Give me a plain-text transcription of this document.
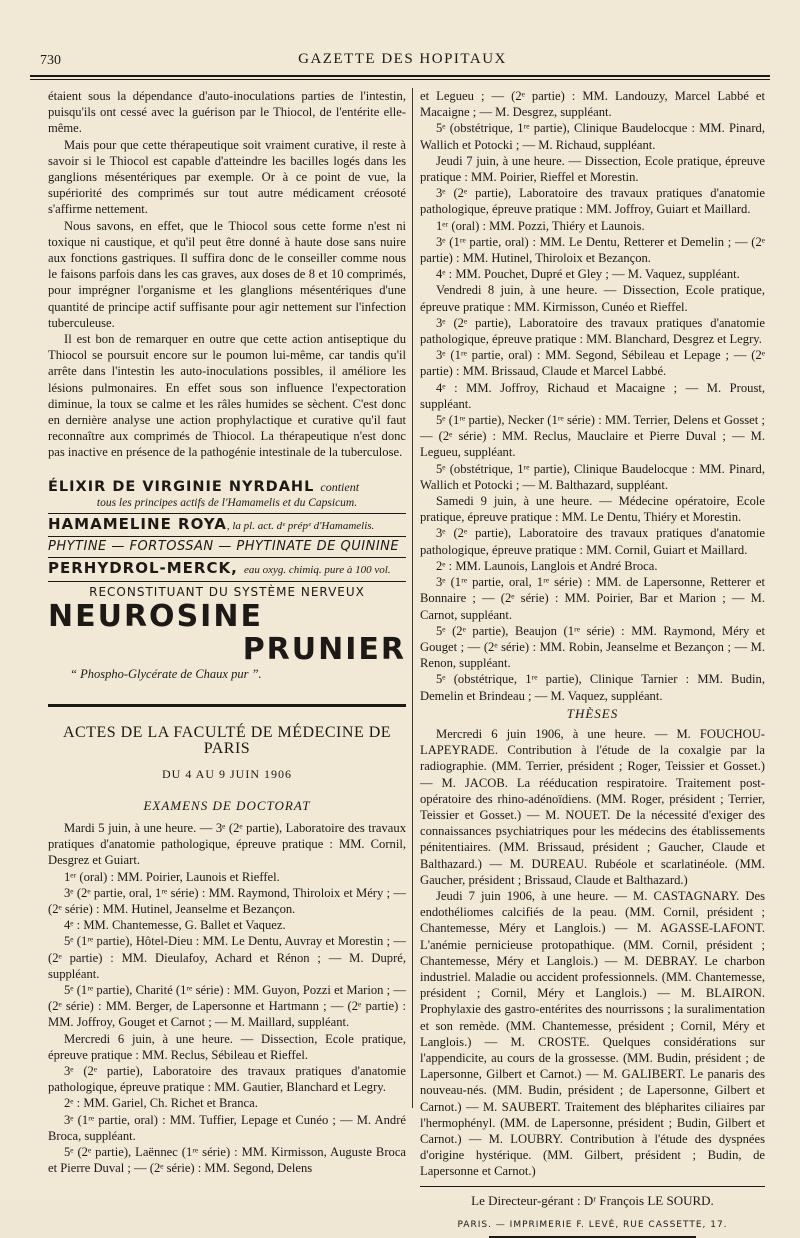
730	GAZETTE DES HOPITAUX

étaient sous la dépendance d'auto-inoculations parties de l'intestin, puisqu'ils ont cessé avec la guérison par le Thiocol, de l'entérite elle-même.

Mais pour que cette thérapeutique soit vraiment curative, il reste à savoir si le Thiocol est capable d'atteindre les bacilles logés dans les ganglions mésentériques par exemple. Or à ce point de vue, la supériorité des comprimés sur tout autre médicament créosoté s'affirme nettement.

Nous savons, en effet, que le Thiocol sous cette forme n'est ni toxique ni caustique, et qu'il peut être donné à haute dose sans nuire aux fonctions gastriques. Il suffira donc de le conseiller comme nous le faisons parfois dans les cas graves, aux doses de 8 et 10 comprimés, pour imprégner l'organisme et les glanglions mésentériques d'une quantité de principe actif suffisante pour agir nettement sur l'infection tuberculeuse.

Il est bon de remarquer en outre que cette action antiseptique du Thiocol se poursuit encore sur le poumon lui-même, car tandis qu'il arrête dans l'intestin les auto-inoculations possibles, il améliore les lésions pulmonaires. En effet sous son influence l'expectoration diminue, la toux se calme et les râles humides se sèchent. C'est donc en dernière analyse une action prophylactique et curative qu'il faut reconnaître aux comprimés de Thiocol. La thérapeutique n'est donc pas inactive en présence de la pathogénie intestinale de la tuberculose.

ÉLIXIR DE VIRGINIE NYRDAHL contient
tous les principes actifs de l'Hamamelis et du Capsicum.
HAMAMELINE ROYA, la pl. act. dᵉ prépᵉ d'Hamamelis.
PHYTINE — FORTOSSAN — PHYTINATE DE QUININE
PERHYDROL-MERCK, eau oxyg. chimiq. pure à 100 vol.
RECONSTITUANT DU SYSTÈME NERVEUX
NEUROSINE
PRUNIER
“ Phospho-Glycérate de Chaux pur ”.
ACTES DE LA FACULTÉ DE MÉDECINE DE PARIS
DU 4 AU 9 JUIN 1906
EXAMENS DE DOCTORAT

Mardi 5 juin, à une heure. — 3ᵉ (2ᵉ partie), Laboratoire des travaux pratiques d'anatomie pathologique, épreuve pratique : MM. Cornil, Desgrez et Guiart.

1ᵉʳ (oral) : MM. Poirier, Launois et Rieffel.

3ᵉ (2ᵉ partie, oral, 1ʳᵉ série) : MM. Raymond, Thiroloix et Méry ; — (2ᵉ série) : MM. Hutinel, Jeanselme et Bezançon.

4ᵉ : MM. Chantemesse, G. Ballet et Vaquez.

5ᵉ (1ʳᵉ partie), Hôtel-Dieu : MM. Le Dentu, Auvray et Morestin ; — (2ᵉ partie) : MM. Dieulafoy, Achard et Rénon ; — M. Dupré, suppléant.

5ᵉ (1ʳᵉ partie), Charité (1ʳᵉ série) : MM. Guyon, Pozzi et Marion ; — (2ᵉ série) : MM. Berger, de Lapersonne et Hartmann ; — (2ᵉ partie) : MM. Joffroy, Gouget et Carnot ; — M. Maillard, suppléant.

Mercredi 6 juin, à une heure. — Dissection, Ecole pratique, épreuve pratique : MM. Reclus, Sébileau et Rieffel.

3ᵉ (2ᵉ partie), Laboratoire des travaux pratiques d'anatomie pathologique, épreuve pratique : MM. Gautier, Blanchard et Legry.

2ᵉ : MM. Gariel, Ch. Richet et Branca.

3ᵉ (1ʳᵉ partie, oral) : MM. Tuffier, Lepage et Cunéo ; — M. André Broca, suppléant.

5ᵉ (2ᵉ partie), Laënnec (1ʳᵉ série) : MM. Kirmisson, Auguste Broca et Pierre Duval ; — (2ᵉ série) : MM. Segond, Delens

et Legueu ; — (2ᵉ partie) : MM. Landouzy, Marcel Labbé et Macaigne ; — M. Desgrez, suppléant.

5ᵉ (obstétrique, 1ʳᵉ partie), Clinique Baudelocque : MM. Pinard, Wallich et Potocki ; — M. Richaud, suppléant.

Jeudi 7 juin, à une heure. — Dissection, Ecole pratique, épreuve pratique : MM. Poirier, Rieffel et Morestin.

3ᵉ (2ᵉ partie), Laboratoire des travaux pratiques d'anatomie pathologique, épreuve pratique : MM. Joffroy, Guiart et Maillard.

1ᵉʳ (oral) : MM. Pozzi, Thiéry et Launois.

3ᵉ (1ʳᵉ partie, oral) : MM. Le Dentu, Retterer et Demelin ; — (2ᵉ partie) : MM. Hutinel, Thiroloix et Bezançon.

4ᵉ : MM. Pouchet, Dupré et Gley ; — M. Vaquez, suppléant.

Vendredi 8 juin, à une heure. — Dissection, Ecole pratique, épreuve pratique : MM. Kirmisson, Cunéo et Rieffel.

3ᵉ (2ᵉ partie), Laboratoire des travaux pratiques d'anatomie pathologique, épreuve pratique : MM. Blanchard, Desgrez et Legry.

3ᵉ (1ʳᵉ partie, oral) : MM. Segond, Sébileau et Lepage ; — (2ᵉ partie) : MM. Brissaud, Claude et Marcel Labbé.

4ᵉ : MM. Joffroy, Richaud et Macaigne ; — M. Proust, suppléant.

5ᵉ (1ʳᵉ partie), Necker (1ʳᵉ série) : MM. Terrier, Delens et Gosset ; — (2ᵉ série) : MM. Reclus, Mauclaire et Pierre Duval ; — M. Legueu, suppléant.

5ᵉ (obstétrique, 1ʳᵉ partie), Clinique Baudelocque : MM. Pinard, Wallich et Potocki ; — M. Balthazard, suppléant.

Samedi 9 juin, à une heure. — Médecine opératoire, Ecole pratique, épreuve pratique : MM. Le Dentu, Thiéry et Morestin.

3ᵉ (2ᵉ partie), Laboratoire des travaux pratiques d'anatomie pathologique, épreuve pratique : MM. Cornil, Guiart et Maillard.

2ᵉ : MM. Launois, Langlois et André Broca.

3ᵉ (1ʳᵉ partie, oral, 1ʳᵉ série) : MM. de Lapersonne, Retterer et Bonnaire ; — (2ᵉ série) : MM. Poirier, Bar et Marion ; — M. Carnot, suppléant.

5ᵉ (2ᵉ partie), Beaujon (1ʳᵉ série) : MM. Raymond, Méry et Gouget ; — (2ᵉ série) : MM. Robin, Jeanselme et Bezançon ; — M. Renon, suppléant.

5ᵉ (obstétrique, 1ʳᵉ partie), Clinique Tarnier : MM. Budin, Demelin et Brindeau ; — M. Vaquez, suppléant.

THÈSES

Mercredi 6 juin 1906, à une heure. — M. FOUCHOU-LAPEYRADE. Contribution à l'étude de la coxalgie par la radiographie. (MM. Terrier, président ; Roger, Teissier et Gosset.) — M. JACOB. La rééducation respiratoire. Traitement post-opératoire des rhino-adénoïdiens. (MM. Roger, président ; Terrier, Teissier et Gosset.) — M. NOUET. De la nécessité d'exiger des connaissances psychiatriques pour les médecins des établissements pénitentiaires. (MM. Brissaud, président ; Gaucher, Claude et Balthazard.) — M. DUREAU. Rubéole et scarlatinéole. (MM. Gaucher, président ; Brissaud, Claude et Balthazard.)

Jeudi 7 juin 1906, à une heure. — M. CASTAGNARY. Des endothéliomes calcifiés de la peau. (MM. Cornil, président ; Chantemesse, Méry et Langlois.) — M. AGASSE-LAFONT. L'anémie pernicieuse protopathique. (MM. Cornil, président ; Chantemesse, Méry et Langlois.) — M. DEBRAY. Le charbon industriel. Maladie ou accident professionnels. (MM. Chantemesse, président ; Cornil, Méry et Langlois.) — M. BLAIRON. Prophylaxie des gastro-entérites des nourrissons ; la suralimentation et son remède. (MM. Chantemesse, président ; Cornil, Méry et Langlois.) — M. CROSTE. Quelques considérations sur l'appendicite, au cours de la grossesse. (MM. Budin, président ; de Lapersonne, Gilbert et Carnot.) — M. GALIBERT. Le panaris des nouveau-nés. (MM. Budin, président ; de Lapersonne, Gilbert et Carnot.) — M. SAUBERT. Traitement des blépharites ciliaires par l'hermophényl. (MM. de Lapersonne, président ; Budin, Gilbert et Carnot.) — M. LOUBRY. Contribution à l'étude des dyspnées d'origine hystérique. (MM. Gilbert, président ; Budin, de Lapersonne et Carnot.)

Le Directeur-gérant : Dʳ François LE SOURD.
PARIS. — IMPRIMERIE F. LEVÉ, RUE CASSETTE, 17.
